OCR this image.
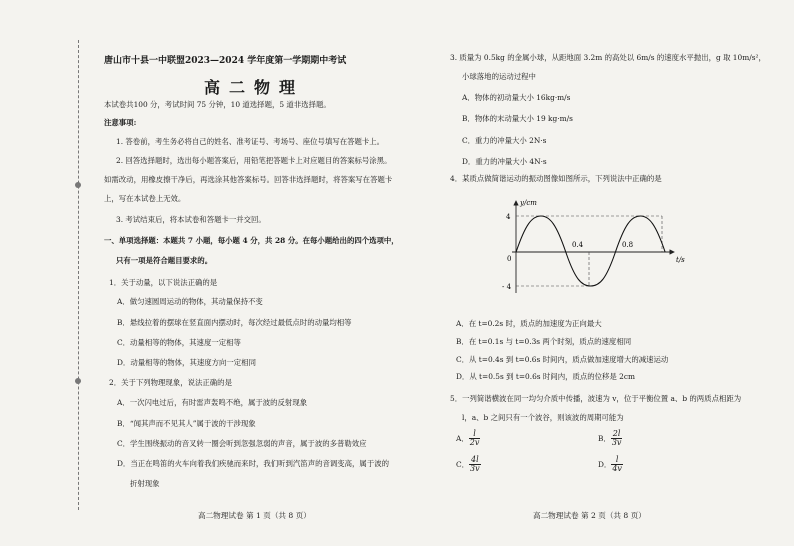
唐山市十县一中联盟2023—2024 学年度第一学期期中考试
高二物理
本试卷共100 分，考试时间 75 分钟，10 道选择题，5 道非选择题。
注意事项:
1. 答卷前，考生务必将自己的姓名、准考证号、考场号、座位号填写在答题卡上。
2. 回答选择题时，选出每小题答案后，用铅笔把答题卡上对应题目的答案标号涂黑。
如需改动，用橡皮擦干净后，再选涂其他答案标号。回答非选择题时，将答案写在答题卡
上，写在本试卷上无效。
3. 考试结束后，将本试卷和答题卡一并交回。
一、单项选择题：本题共 7 小题，每小题 4 分，共 28 分。在每小题给出的四个选项中，
只有一项是符合题目要求的。
1．关于动量，以下说法正确的是
A．做匀速圆周运动的物体，其动量保持不变
B．悬线拉着的摆球在竖直面内摆动时，每次经过最低点时的动量均相等
C．动量相等的物体，其速度一定相等
D．动量相等的物体，其速度方向一定相同
2．关于下列物理现象，说法正确的是
A．一次闪电过后，有时雷声轰鸣不绝，属于波的反射现象
B．“闻其声而不见其人”属于波的干涉现象
C．学生围绕振动的音叉转一圈会听到忽强忽弱的声音，属于波的多普勒效应
D．当正在鸣笛的火车向着我们疾驰而来时，我们听到汽笛声的音调变高，属于波的
折射现象
高二物理试卷 第 1 页（共 8 页）
3. 质量为 0.5kg 的金属小球，从距地面 3.2m 的高处以 6m/s 的速度水平抛出，g 取 10m/s²，
小球落地的运动过程中
A．物体的初动量大小 16kg·m/s
B．物体的末动量大小 19 kg·m/s
C．重力的冲量大小 2N·s
D．重力的冲量大小 4N·s
4．某质点做简谐运动的振动图像如图所示，下列说法中正确的是
y/cm
t/s
0
4
- 4
0.4	0.8
A．在 t=0.2s 时，质点的加速度为正向最大
B．在 t=0.1s 与 t=0.3s 两个时刻，质点的速度相同
C．从 t=0.4s 到 t=0.6s 时间内，质点做加速度增大的减速运动
D．从 t=0.5s 到 t=0.6s 时间内，质点的位移是 2cm
5．一列简谐横波在同一均匀介质中传播，波速为 v，位于平衡位置 a、b 的两质点相距为
l，a、b 之间只有一个波谷，则该波的周期可能为
A． $\frac{l}{2v}$	B． $\frac{2l}{3v}$
C． $\frac{4l}{3v}$	D． $\frac{l}{4v}$
高二物理试卷 第 2 页（共 8 页）
